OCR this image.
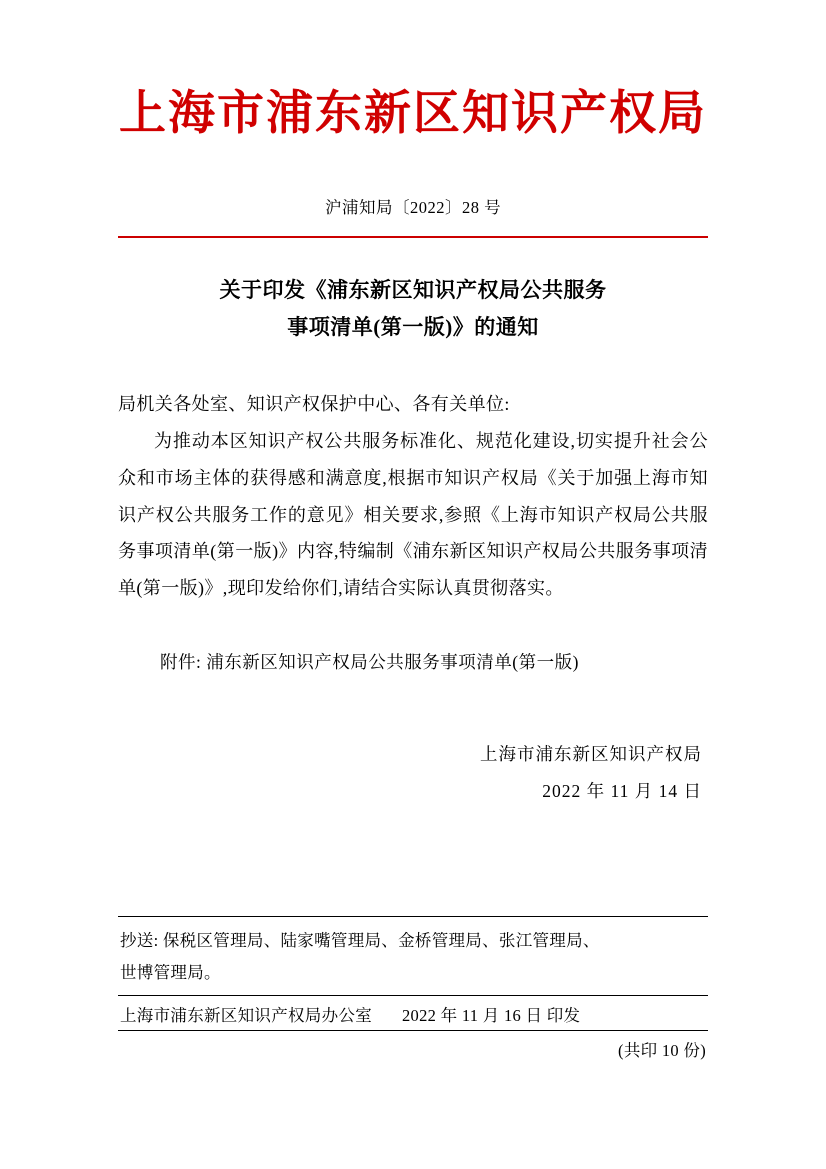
上海市浦东新区知识产权局
沪浦知局〔2022〕28 号
关于印发《浦东新区知识产权局公共服务
事项清单(第一版)》的通知

局机关各处室、知识产权保护中心、各有关单位:

为推动本区知识产权公共服务标准化、规范化建设,切实提升社会公众和市场主体的获得感和满意度,根据市知识产权局《关于加强上海市知识产权公共服务工作的意见》相关要求,参照《上海市知识产权局公共服务事项清单(第一版)》内容,特编制《浦东新区知识产权局公共服务事项清单(第一版)》,现印发给你们,请结合实际认真贯彻落实。

附件: 浦东新区知识产权局公共服务事项清单(第一版)
上海市浦东新区知识产权局
2022 年 11 月 14 日
抄送: 保税区管理局、陆家嘴管理局、金桥管理局、张江管理局、
世博管理局。
上海市浦东新区知识产权局办公室 2022 年 11 月 16 日 印发
(共印 10 份)
